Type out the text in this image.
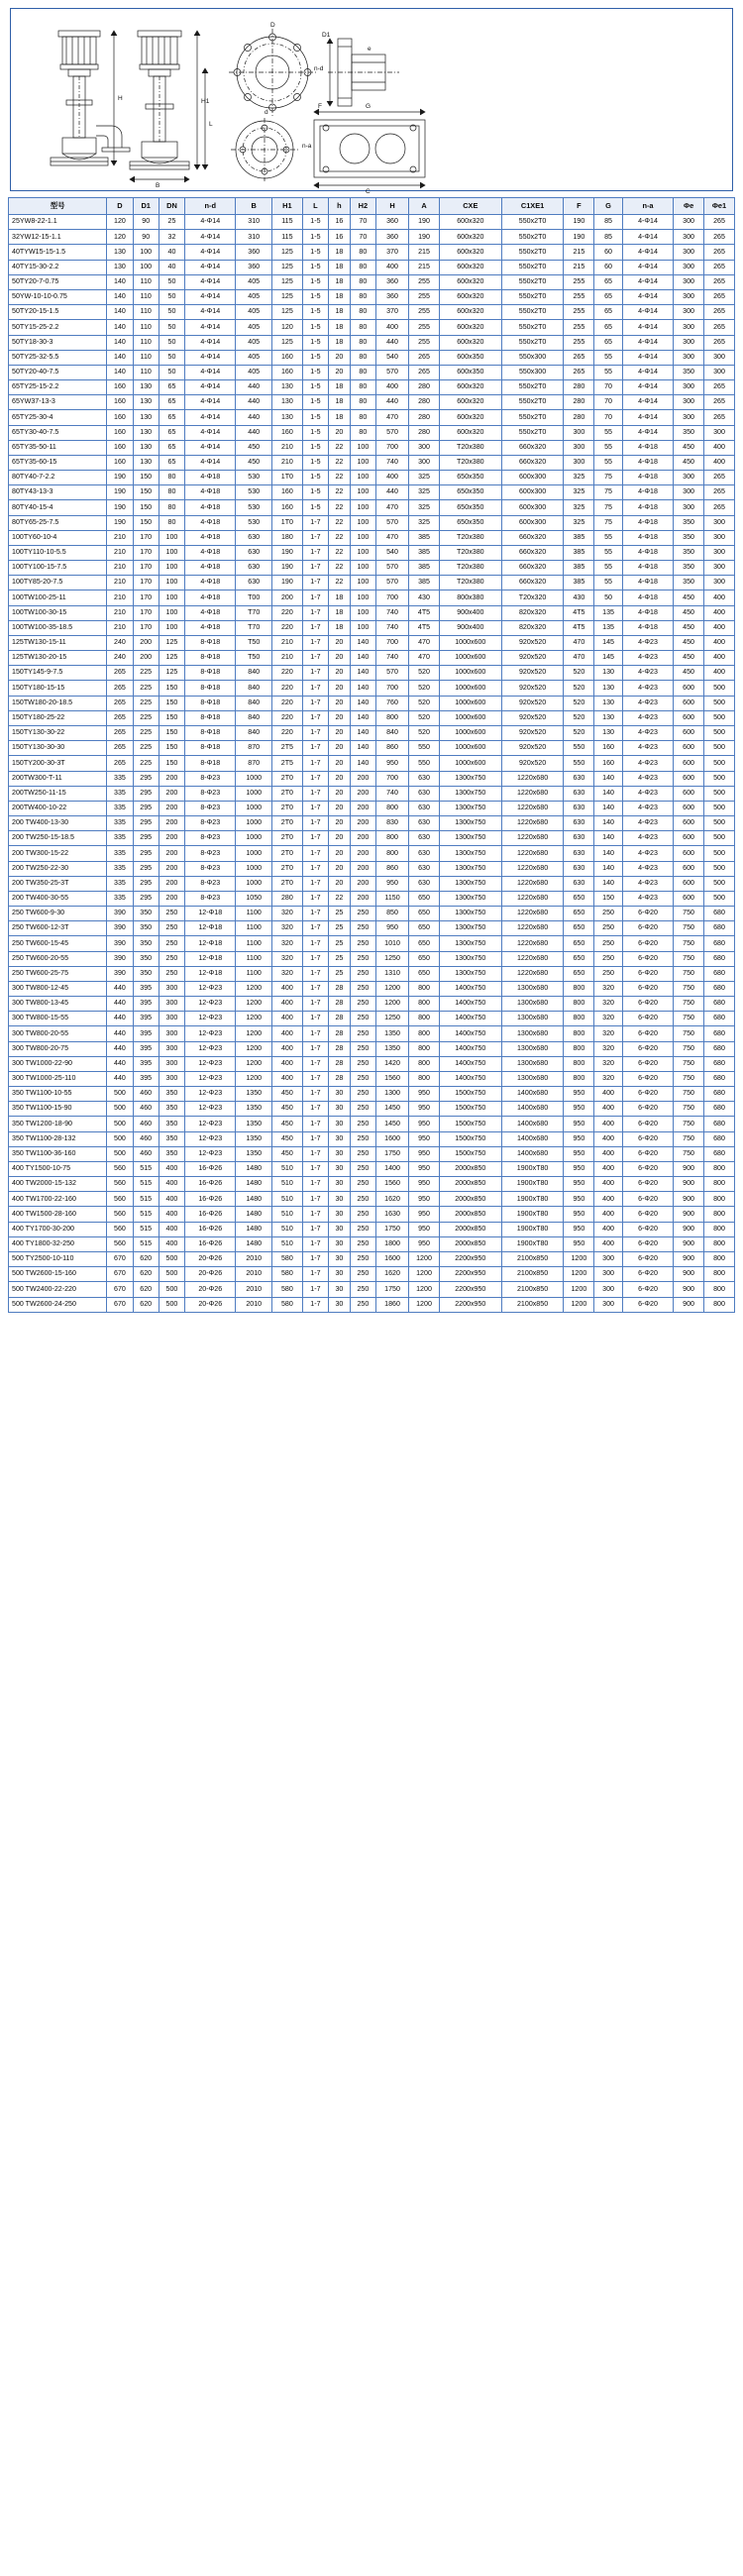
H	H1
L
B
D
n-d
D1
e
d
n-a
F	G
C
型号	D	D1	DN	n-d	B	H1	L	h	H2	H	A	CXE	C1XE1	F	G	n-a	Φe	Φe1
25YW8-22-1.1	120	90	25	4-Φ14	310	115	1-5	16	70	360	190	600x320	550x2T0	190	85	4-Φ14	300	265
32YW12-15-1.1	120	90	32	4-Φ14	310	115	1-5	16	70	360	190	600x320	550x2T0	190	85	4-Φ14	300	265
40TYW15-15-1.5	130	100	40	4-Φ14	360	125	1-5	18	80	370	215	600x320	550x2T0	215	60	4-Φ14	300	265
40TY15-30-2.2	130	100	40	4-Φ14	360	125	1-5	18	80	400	215	600x320	550x2T0	215	60	4-Φ14	300	265
50TY20-7-0.75	140	110	50	4-Φ14	405	125	1-5	18	80	360	255	600x320	550x2T0	255	65	4-Φ14	300	265
50YW-10-10-0.75	140	110	50	4-Φ14	405	125	1-5	18	80	360	255	600x320	550x2T0	255	65	4-Φ14	300	265
50TY20-15-1.5	140	110	50	4-Φ14	405	125	1-5	18	80	370	255	600x320	550x2T0	255	65	4-Φ14	300	265
50TY15-25-2.2	140	110	50	4-Φ14	405	120	1-5	18	80	400	255	600x320	550x2T0	255	65	4-Φ14	300	265
50TY18-30-3	140	110	50	4-Φ14	405	125	1-5	18	80	440	255	600x320	550x2T0	255	65	4-Φ14	300	265
50TY25-32-5.5	140	110	50	4-Φ14	405	160	1-5	20	80	540	265	600x350	550x300	265	55	4-Φ14	300	300
50TY20-40-7.5	140	110	50	4-Φ14	405	160	1-5	20	80	570	265	600x350	550x300	265	55	4-Φ14	350	300
65TY25-15-2.2	160	130	65	4-Φ14	440	130	1-5	18	80	400	280	600x320	550x2T0	280	70	4-Φ14	300	265
65YW37-13-3	160	130	65	4-Φ14	440	130	1-5	18	80	440	280	600x320	550x2T0	280	70	4-Φ14	300	265
65TY25-30-4	160	130	65	4-Φ14	440	130	1-5	18	80	470	280	600x320	550x2T0	280	70	4-Φ14	300	265
65TY30-40-7.5	160	130	65	4-Φ14	440	160	1-5	20	80	570	280	600x320	550x2T0	300	55	4-Φ14	350	300
65TY35-50-11	160	130	65	4-Φ14	450	210	1-5	22	100	700	300	T20x380	660x320	300	55	4-Φ18	450	400
65TY35-60-15	160	130	65	4-Φ14	450	210	1-5	22	100	740	300	T20x380	660x320	300	55	4-Φ18	450	400
80TY40-7-2.2	190	150	80	4-Φ18	530	1T0	1-5	22	100	400	325	650x350	600x300	325	75	4-Φ18	300	265
80TY43-13-3	190	150	80	4-Φ18	530	160	1-5	22	100	440	325	650x350	600x300	325	75	4-Φ18	300	265
80TY40-15-4	190	150	80	4-Φ18	530	160	1-5	22	100	470	325	650x350	600x300	325	75	4-Φ18	300	265
80TY65-25-7.5	190	150	80	4-Φ18	530	1T0	1-7	22	100	570	325	650x350	600x300	325	75	4-Φ18	350	300
100TY60-10-4	210	170	100	4-Φ18	630	180	1-7	22	100	470	385	T20x380	660x320	385	55	4-Φ18	350	300
100TY110-10-5.5	210	170	100	4-Φ18	630	190	1-7	22	100	540	385	T20x380	660x320	385	55	4-Φ18	350	300
100TY100-15-7.5	210	170	100	4-Φ18	630	190	1-7	22	100	570	385	T20x380	660x320	385	55	4-Φ18	350	300
100TY85-20-7.5	210	170	100	4-Φ18	630	190	1-7	22	100	570	385	T20x380	660x320	385	55	4-Φ18	350	300
100TW100-25-11	210	170	100	4-Φ18	T00	200	1-7	18	100	700	430	800x380	T20x320	430	50	4-Φ18	450	400
100TW100-30-15	210	170	100	4-Φ18	T70	220	1-7	18	100	740	4T5	900x400	820x320	4T5	135	4-Φ18	450	400
100TW100-35-18.5	210	170	100	4-Φ18	T70	220	1-7	18	100	740	4T5	900x400	820x320	4T5	135	4-Φ18	450	400
125TW130-15-11	240	200	125	8-Φ18	T50	210	1-7	20	140	700	470	1000x600	920x520	470	145	4-Φ23	450	400
125TW130-20-15	240	200	125	8-Φ18	T50	210	1-7	20	140	740	470	1000x600	920x520	470	145	4-Φ23	450	400
150TY145-9-7.5	265	225	125	8-Φ18	840	220	1-7	20	140	570	520	1000x600	920x520	520	130	4-Φ23	450	400
150TY180-15-15	265	225	150	8-Φ18	840	220	1-7	20	140	700	520	1000x600	920x520	520	130	4-Φ23	600	500
150TW180-20-18.5	265	225	150	8-Φ18	840	220	1-7	20	140	760	520	1000x600	920x520	520	130	4-Φ23	600	500
150TY180-25-22	265	225	150	8-Φ18	840	220	1-7	20	140	800	520	1000x600	920x520	520	130	4-Φ23	600	500
150TY130-30-22	265	225	150	8-Φ18	840	220	1-7	20	140	840	520	1000x600	920x520	520	130	4-Φ23	600	500
150TY130-30-30	265	225	150	8-Φ18	870	2T5	1-7	20	140	860	550	1000x600	920x520	550	160	4-Φ23	600	500
150TY200-30-3T	265	225	150	8-Φ18	870	2T5	1-7	20	140	950	550	1000x600	920x520	550	160	4-Φ23	600	500
200TW300-T-11	335	295	200	8-Φ23	1000	2T0	1-7	20	200	700	630	1300x750	1220x680	630	140	4-Φ23	600	500
200TW250-11-15	335	295	200	8-Φ23	1000	2T0	1-7	20	200	740	630	1300x750	1220x680	630	140	4-Φ23	600	500
200TW400-10-22	335	295	200	8-Φ23	1000	2T0	1-7	20	200	800	630	1300x750	1220x680	630	140	4-Φ23	600	500
200 TW400-13-30	335	295	200	8-Φ23	1000	2T0	1-7	20	200	830	630	1300x750	1220x680	630	140	4-Φ23	600	500
200 TW250-15-18.5	335	295	200	8-Φ23	1000	2T0	1-7	20	200	800	630	1300x750	1220x680	630	140	4-Φ23	600	500
200 TW300-15-22	335	295	200	8-Φ23	1000	2T0	1-7	20	200	800	630	1300x750	1220x680	630	140	4-Φ23	600	500
200 TW250-22-30	335	295	200	8-Φ23	1000	2T0	1-7	20	200	860	630	1300x750	1220x680	630	140	4-Φ23	600	500
200 TW350-25-3T	335	295	200	8-Φ23	1000	2T0	1-7	20	200	950	630	1300x750	1220x680	630	140	4-Φ23	600	500
200 TW400-30-55	335	295	200	8-Φ23	1050	280	1-7	22	200	1150	650	1300x750	1220x680	650	150	4-Φ23	600	500
250 TW600-9-30	390	350	250	12-Φ18	1100	320	1-7	25	250	850	650	1300x750	1220x680	650	250	6-Φ20	750	680
250 TW600-12-3T	390	350	250	12-Φ18	1100	320	1-7	25	250	950	650	1300x750	1220x680	650	250	6-Φ20	750	680
250 TW600-15-45	390	350	250	12-Φ18	1100	320	1-7	25	250	1010	650	1300x750	1220x680	650	250	6-Φ20	750	680
250 TW600-20-55	390	350	250	12-Φ18	1100	320	1-7	25	250	1250	650	1300x750	1220x680	650	250	6-Φ20	750	680
250 TW600-25-75	390	350	250	12-Φ18	1100	320	1-7	25	250	1310	650	1300x750	1220x680	650	250	6-Φ20	750	680
300 TW800-12-45	440	395	300	12-Φ23	1200	400	1-7	28	250	1200	800	1400x750	1300x680	800	320	6-Φ20	750	680
300 TW800-13-45	440	395	300	12-Φ23	1200	400	1-7	28	250	1200	800	1400x750	1300x680	800	320	6-Φ20	750	680
300 TW800-15-55	440	395	300	12-Φ23	1200	400	1-7	28	250	1250	800	1400x750	1300x680	800	320	6-Φ20	750	680
300 TW800-20-55	440	395	300	12-Φ23	1200	400	1-7	28	250	1350	800	1400x750	1300x680	800	320	6-Φ20	750	680
300 TW800-20-75	440	395	300	12-Φ23	1200	400	1-7	28	250	1350	800	1400x750	1300x680	800	320	6-Φ20	750	680
300 TW1000-22-90	440	395	300	12-Φ23	1200	400	1-7	28	250	1420	800	1400x750	1300x680	800	320	6-Φ20	750	680
300 TW1000-25-110	440	395	300	12-Φ23	1200	400	1-7	28	250	1560	800	1400x750	1300x680	800	320	6-Φ20	750	680
350 TW1100-10-55	500	460	350	12-Φ23	1350	450	1-7	30	250	1300	950	1500x750	1400x680	950	400	6-Φ20	750	680
350 TW1100-15-90	500	460	350	12-Φ23	1350	450	1-7	30	250	1450	950	1500x750	1400x680	950	400	6-Φ20	750	680
350 TW1200-18-90	500	460	350	12-Φ23	1350	450	1-7	30	250	1450	950	1500x750	1400x680	950	400	6-Φ20	750	680
350 TW1100-28-132	500	460	350	12-Φ23	1350	450	1-7	30	250	1600	950	1500x750	1400x680	950	400	6-Φ20	750	680
350 TW1100-36-160	500	460	350	12-Φ23	1350	450	1-7	30	250	1750	950	1500x750	1400x680	950	400	6-Φ20	750	680
400 TY1500-10-75	560	515	400	16-Φ26	1480	510	1-7	30	250	1400	950	2000x850	1900xT80	950	400	6-Φ20	900	800
400 TW2000-15-132	560	515	400	16-Φ26	1480	510	1-7	30	250	1560	950	2000x850	1900xT80	950	400	6-Φ20	900	800
400 TW1700-22-160	560	515	400	16-Φ26	1480	510	1-7	30	250	1620	950	2000x850	1900xT80	950	400	6-Φ20	900	800
400 TW1500-28-160	560	515	400	16-Φ26	1480	510	1-7	30	250	1630	950	2000x850	1900xT80	950	400	6-Φ20	900	800
400 TY1700-30-200	560	515	400	16-Φ26	1480	510	1-7	30	250	1750	950	2000x850	1900xT80	950	400	6-Φ20	900	800
400 TY1800-32-250	560	515	400	16-Φ26	1480	510	1-7	30	250	1800	950	2000x850	1900xT80	950	400	6-Φ20	900	800
500 TY2500-10-110	670	620	500	20-Φ26	2010	580	1-7	30	250	1600	1200	2200x950	2100x850	1200	300	6-Φ20	900	800
500 TW2600-15-160	670	620	500	20-Φ26	2010	580	1-7	30	250	1620	1200	2200x950	2100x850	1200	300	6-Φ20	900	800
500 TW2400-22-220	670	620	500	20-Φ26	2010	580	1-7	30	250	1750	1200	2200x950	2100x850	1200	300	6-Φ20	900	800
500 TW2600-24-250	670	620	500	20-Φ26	2010	580	1-7	30	250	1860	1200	2200x950	2100x850	1200	300	6-Φ20	900	800
